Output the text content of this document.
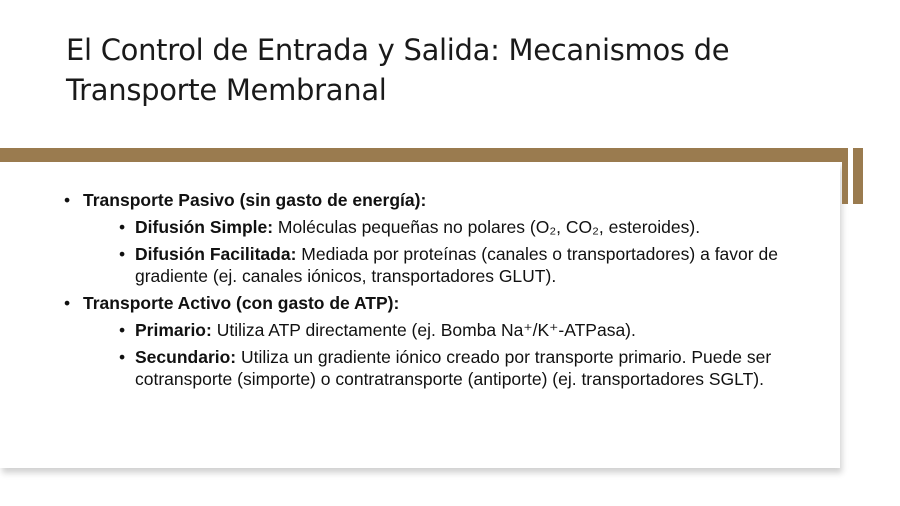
El Control de Entrada y Salida: Mecanismos de Transporte Membranal
• Transporte Pasivo (sin gasto de energía):
• Difusión Simple: Moléculas pequeñas no polares (O₂, CO₂, esteroides).
• Difusión Facilitada: Mediada por proteínas (canales o transportadores) a favor de gradiente (ej. canales iónicos, transportadores GLUT).
• Transporte Activo (con gasto de ATP):
• Primario: Utiliza ATP directamente (ej. Bomba Na⁺/K⁺-ATPasa).
• Secundario: Utiliza un gradiente iónico creado por transporte primario. Puede ser cotransporte (simporte) o contratransporte (antiporte) (ej. transportadores SGLT).
